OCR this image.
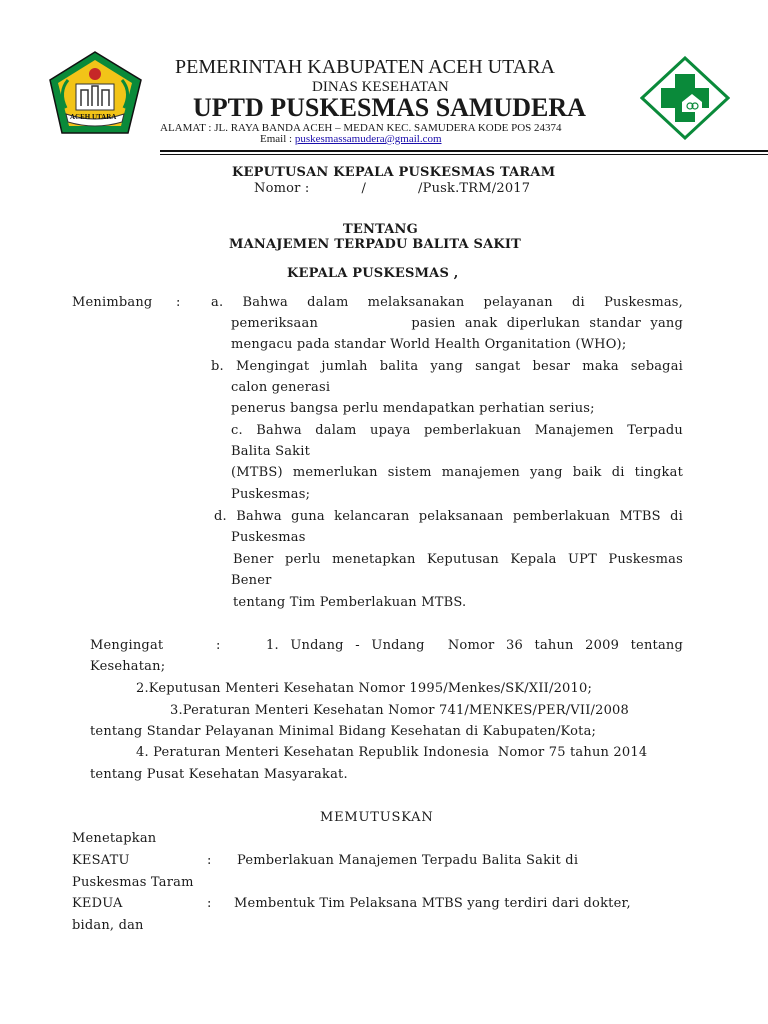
ACEH UTARA
PEMERINTAH KABUPATEN ACEH UTARA
DINAS KESEHATAN
UPTD PUSKESMAS SAMUDERA
ALAMAT : JL. RAYA BANDA ACEH – MEDAN KEC. SAMUDERA KODE POS 24374
Email : puskesmassamudera@gmail.com
KEPUTUSAN KEPALA PUSKESMAS TARAM
Nomor :            /            /Pusk.TRM/2017
TENTANG
MANAJEMEN TERPADU BALITA SAKIT
KEPALA PUSKESMAS ,
Menimbang : a. Bahwa dalam melaksanakan pelayanan di Puskesmas,
pemeriksaan          pasien anak diperlukan standar yang
mengacu pada standar World Health Organitation (WHO);
b. Mengingat jumlah balita yang sangat besar maka sebagai
calon generasi
penerus bangsa perlu mendapatkan perhatian serius;
c. Bahwa dalam upaya pemberlakuan Manajemen Terpadu
Balita Sakit
(MTBS) memerlukan sistem manajemen yang baik di tingkat
Puskesmas;
d. Bahwa guna kelancaran pelaksanaan pemberlakuan MTBS di
Puskesmas
Bener perlu menetapkan Keputusan Kepala UPT Puskesmas
Bener
tentang Tim Pemberlakuan MTBS.
Mengingat	:	1. Undang - Undang  Nomor 36 tahun 2009 tentang
Kesehatan;
2.Keputusan Menteri Kesehatan Nomor 1995/Menkes/SK/XII/2010;
3.Peraturan Menteri Kesehatan Nomor 741/MENKES/PER/VII/2008
tentang Standar Pelayanan Minimal Bidang Kesehatan di Kabupaten/Kota;
4. Peraturan Menteri Kesehatan Republik Indonesia  Nomor 75 tahun 2014
tentang Pusat Kesehatan Masyarakat.
MEMUTUSKAN
Menetapkan
KESATU	: Pemberlakuan Manajemen Terpadu Balita Sakit di
Puskesmas Taram
KEDUA	: Membentuk Tim Pelaksana MTBS yang terdiri dari dokter,
bidan, dan
